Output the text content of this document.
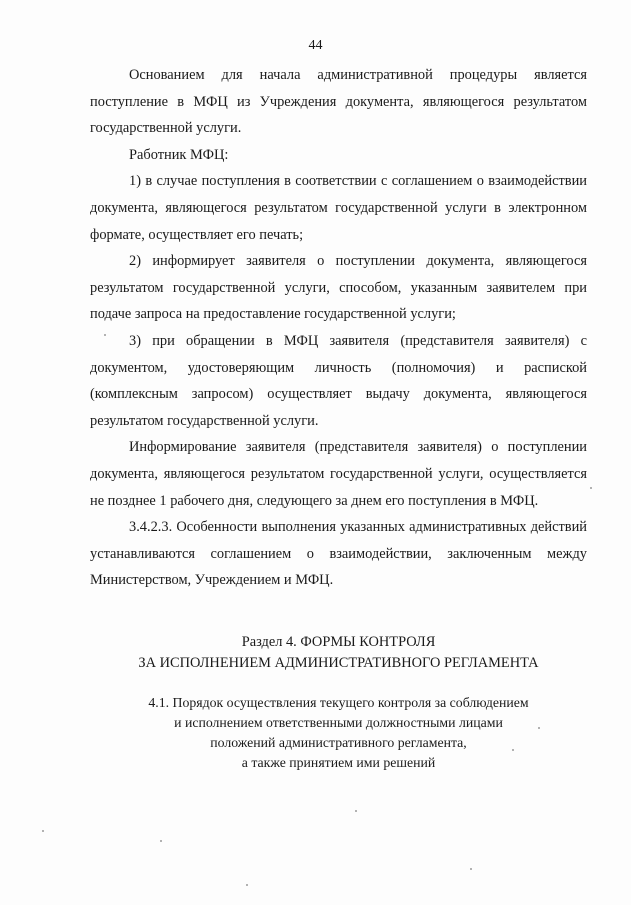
44

Основанием для начала административной процедуры является поступление в МФЦ из Учреждения документа, являющегося результатом государственной услуги.

Работник МФЦ:

1) в случае поступления в соответствии с соглашением о взаимодействии документа, являющегося результатом государственной услуги в электронном формате, осуществляет его печать;

2) информирует заявителя о поступлении документа, являющегося результатом государственной услуги, способом, указанным заявителем при подаче запроса на предоставление государственной услуги;

3) при обращении в МФЦ заявителя (представителя заявителя) с документом, удостоверяющим личность (полномочия) и распиской (комплексным запросом) осуществляет выдачу документа, являющегося результатом государственной услуги.

Информирование заявителя (представителя заявителя) о поступлении документа, являющегося результатом государственной услуги, осуществляется не позднее 1 рабочего дня, следующего за днем его поступления в МФЦ.

3.4.2.3. Особенности выполнения указанных административных действий устанавливаются соглашением о взаимодействии, заключенным между Министерством, Учреждением и МФЦ.

Раздел 4. ФОРМЫ КОНТРОЛЯ
ЗА ИСПОЛНЕНИЕМ АДМИНИСТРАТИВНОГО РЕГЛАМЕНТА
4.1. Порядок осуществления текущего контроля за соблюдением
и исполнением ответственными должностными лицами
положений административного регламента,
а также принятием ими решений
